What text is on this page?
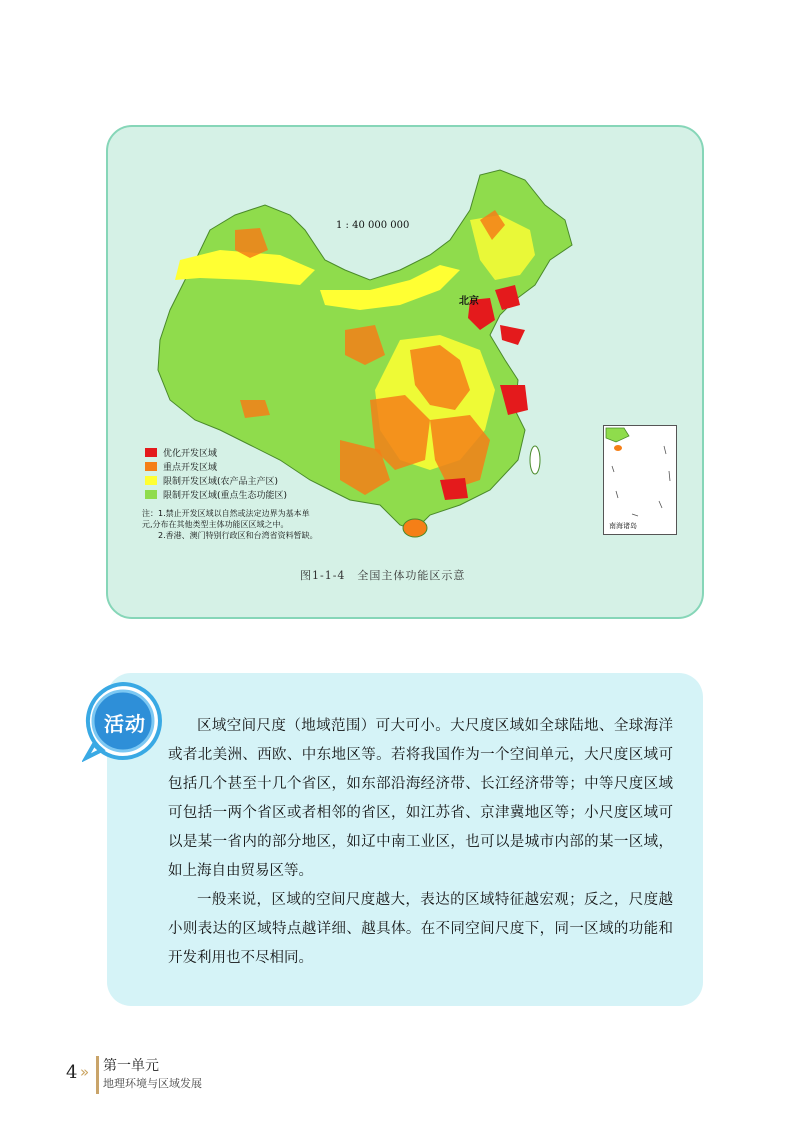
1 : 40 000 000
北京
优化开发区域
重点开发区域
限制开发区域(农产品主产区)
限制开发区域(重点生态功能区)
注：1.禁止开发区域以自然或法定边界为基本单
元,分布在其他类型主体功能区区域之中。
　　2.香港、澳门特别行政区和台湾省资料暂缺。
南海诸岛
图1-1-4　全国主体功能区示意
活动	区域空间尺度（地域范围）可大可小。大尺度区域如全球陆地、全球海洋或者北美洲、西欧、中东地区等。若将我国作为一个空间单元，大尺度区域可包括几个甚至十几个省区，如东部沿海经济带、长江经济带等；中等尺度区域可包括一两个省区或者相邻的省区，如江苏省、京津冀地区等；小尺度区域可以是某一省内的部分地区，如辽中南工业区，也可以是城市内部的某一区域，如上海自由贸易区等。

一般来说，区域的空间尺度越大，表达的区域特征越宏观；反之，尺度越小则表达的区域特点越详细、越具体。在不同空间尺度下，同一区域的功能和开发利用也不尽相同。

4 » 第一单元
地理环境与区域发展
